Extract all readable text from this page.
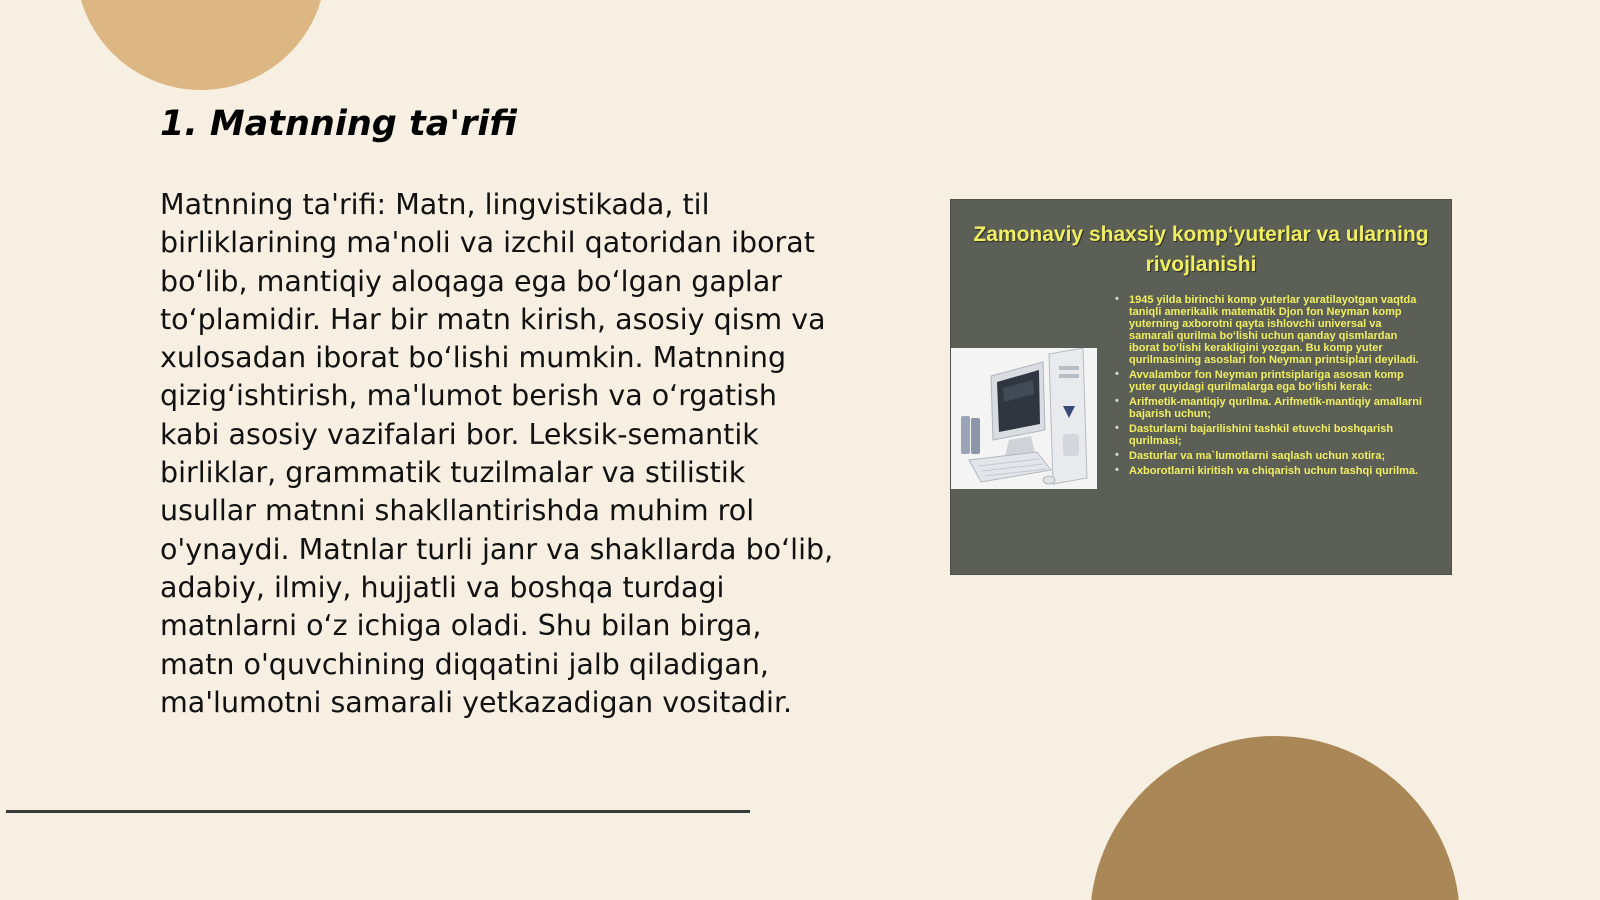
1. Matnning ta'rifi

Matnning ta'rifi: Matn, lingvistikada, til birliklarining ma'noli va izchil qatoridan iborat boʻlib, mantiqiy aloqaga ega boʻlgan gaplar toʻplamidir. Har bir matn kirish, asosiy qism va xulosadan iborat boʻlishi mumkin. Matnning qizigʻishtirish, ma'lumot berish va oʻrgatish kabi asosiy vazifalari bor. Leksik-semantik birliklar, grammatik tuzilmalar va stilistik usullar matnni shakllantirishda muhim rol o'ynaydi. Matnlar turli janr va shakllarda boʻlib, adabiy, ilmiy, hujjatli va boshqa turdagi matnlarni oʻz ichiga oladi. Shu bilan birga, matn o'quvchining diqqatini jalb qiladigan, ma'lumotni samarali yetkazadigan vositadir.

Zamonaviy shaxsiy kompʻyuterlar va ularning rivojlanishi
• 1945 yilda birinchi komp yuterlar yaratilayotgan vaqtda taniqli amerikalik matematik Djon fon Neyman komp yuterning axborotni qayta ishlovchi universal va samarali qurilma boʻlishi uchun qanday qismlardan iborat boʻlishi kerakligini yozgan. Bu komp yuter qurilmasining asoslari fon Neyman printsiplari deyiladi.
• Avvalambor fon Neyman printsiplariga asosan komp yuter quyidagi qurilmalarga ega boʻlishi kerak:
• Arifmetik-mantiqiy qurilma. Arifmetik-mantiqiy amallarni bajarish uchun;
• Dasturlarni bajarilishini tashkil etuvchi boshqarish qurilmasi;
• Dasturlar va ma`lumotlarni saqlash uchun xotira;
• Axborotlarni kiritish va chiqarish uchun tashqi qurilma.
